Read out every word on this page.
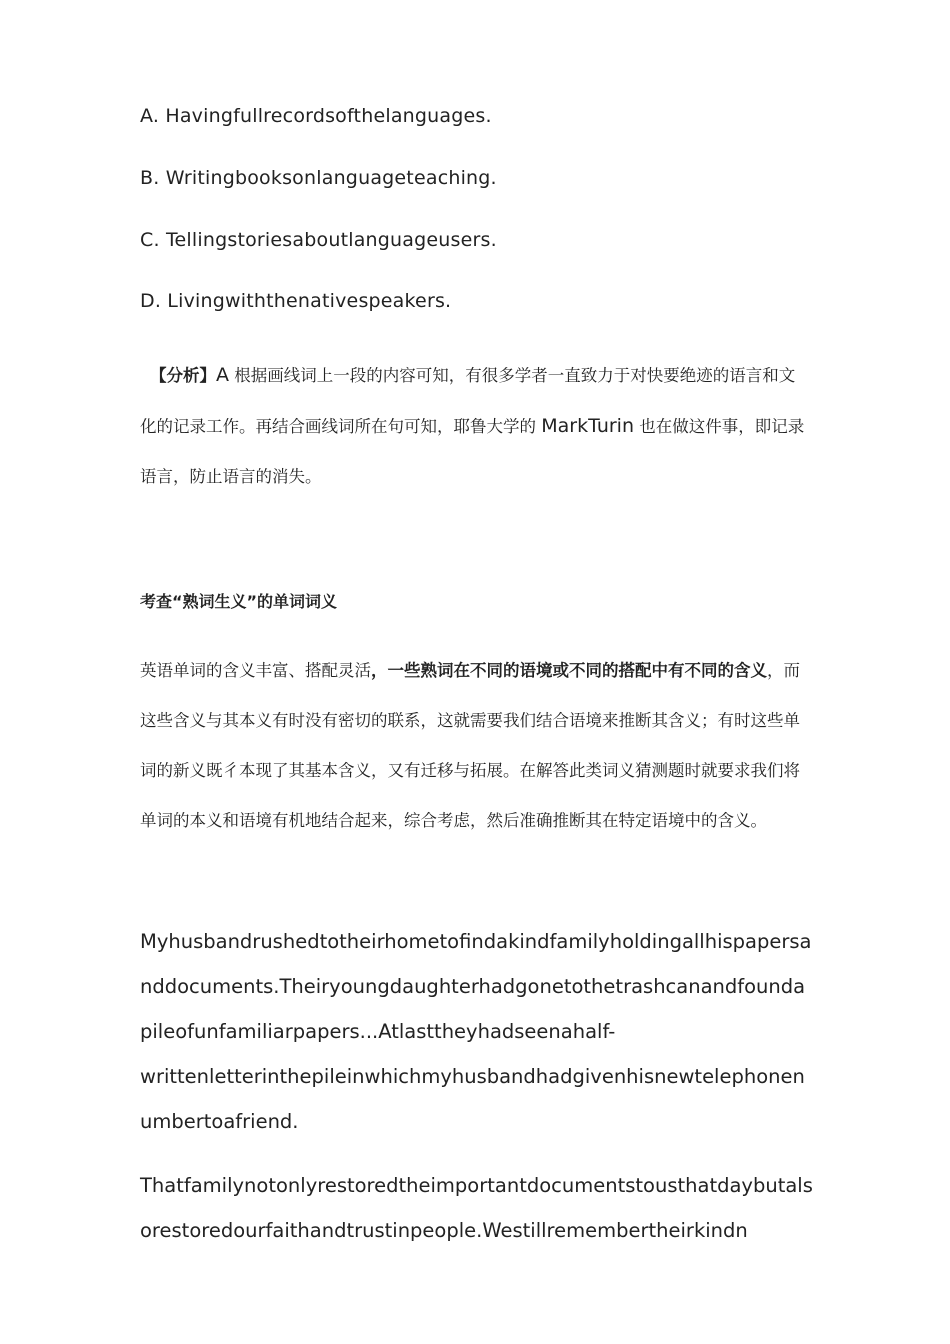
A. Havingfullrecordsofthelanguages.
B. Writingbooksonlanguageteaching.
C. Tellingstoriesaboutlanguageusers.
D. Livingwiththenativespeakers.

【分析】A 根据画线词上一段的内容可知，有很多学者一直致力于对快要绝迹的语言和文化的记录工作。再结合画线词所在句可知，耶鲁大学的 MarkTurin 也在做这件事，即记录语言，防止语言的消失。

考查“熟词生义”的单词词义

英语单词的含义丰富、搭配灵活，一些熟词在不同的语境或不同的搭配中有不同的含义，而这些含义与其本义有时没有密切的联系，这就需要我们结合语境来推断其含义；有时这些单词的新义既彳本现了其基本含义，又有迁移与拓展。在解答此类词义猜测题时就要求我们将单词的本义和语境有机地结合起来，综合考虑，然后准确推断其在特定语境中的含义。

Myhusbandrushedtotheirhometofindakindfamilyholdingallhispapersanddocuments.Theiryoungdaughterhadgonetothetrashcanandfoundapileofunfamiliarpapers...Atlasttheyhadseenahalf-
writtenletterinthepileinwhichmyhusbandhadgivenhisnewtelephonenumbertoafriend.

Thatfamilynotonlyrestoredtheimportantdocumentstousthatdaybutalsorestoredourfaithandtrustinpeople.Westillremembertheirkindn
